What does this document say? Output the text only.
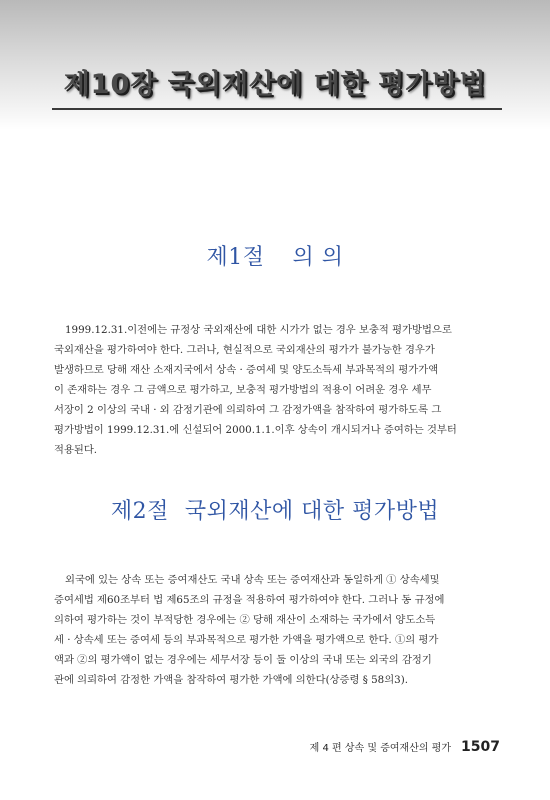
제10장 국외재산에 대한 평가방법
제1절 의 의
1999.12.31.이전에는 규정상 국외재산에 대한 시가가 없는 경우 보충적 평가방법으로
국외재산을 평가하여야 한다. 그러나, 현실적으로 국외재산의 평가가 불가능한 경우가
발생하므로 당해 재산 소재지국에서 상속 · 증여세 및 양도소득세 부과목적의 평가가액
이 존재하는 경우 그 금액으로 평가하고, 보충적 평가방법의 적용이 어려운 경우 세무
서장이 2 이상의 국내 · 외 감정기관에 의뢰하여 그 감정가액을 참작하여 평가하도록 그
평가방법이 1999.12.31.에 신설되어 2000.1.1.이후 상속이 개시되거나 증여하는 것부터
적용된다.
제2절 국외재산에 대한 평가방법
외국에 있는 상속 또는 증여재산도 국내 상속 또는 증여재산과 동일하게 ① 상속세및
증여세법 제60조부터 법 제65조의 규정을 적용하여 평가하여야 한다. 그러나 동 규정에
의하여 평가하는 것이 부적당한 경우에는 ② 당해 재산이 소재하는 국가에서 양도소득
세 · 상속세 또는 증여세 등의 부과목적으로 평가한 가액을 평가액으로 한다. ①의 평가
액과 ②의 평가액이 없는 경우에는 세무서장 등이 둘 이상의 국내 또는 외국의 감정기
관에 의뢰하여 감정한 가액을 참작하여 평가한 가액에 의한다(상증령 § 58의3).
제 4 편 상속 및 증여재산의 평가 1507
